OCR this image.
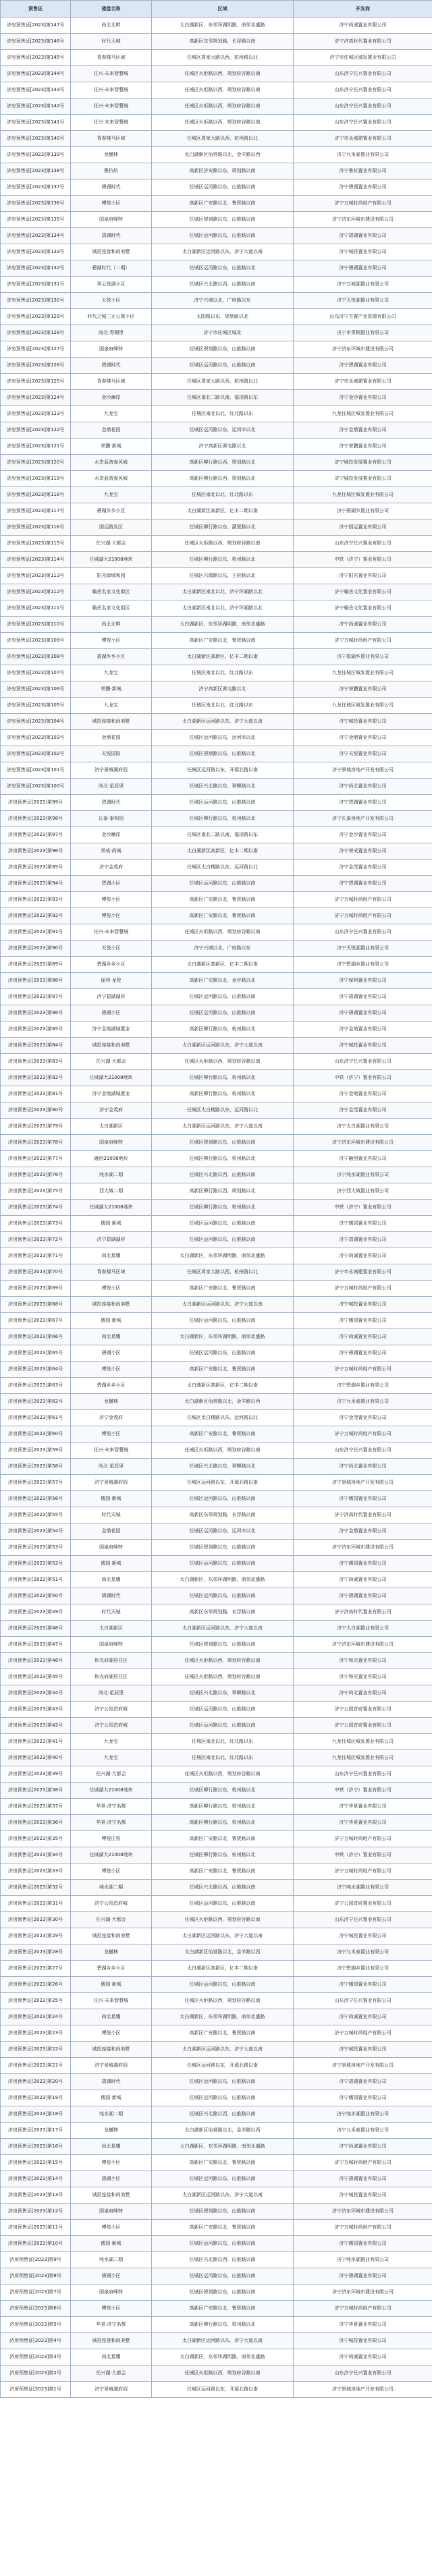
预售证	楼盘名称	区域	开发商
济房预售证[2023]第147号	尚北北畔	太白湖新区，东邻环湖明路，南邻北盛路	济宁尚诚置业有限公司
济房预售证[2023]第146号	时代天城	高新区东邻规划路，长浮路以南	济宁济高时代置业有限公司
济房预售证[2023]第145号	青春楼马区域	任城区周家大路以西，杭州路以北	济宁市任城区城发置业有限公司
济房预售证[2023]第144号	任兴·未来智慧城	任城区火炬路以西，规划府谷路以南	山东济宁任兴置业有限公司
济房预售证[2023]第143号	任兴·未来智慧城	任城区火炬路以西，规划府谷路以南	山东济宁任兴置业有限公司
济房预售证[2023]第142号	任兴·未来智慧城	任城区火炬路以西，规划府谷路以南	山东济宁任兴置业有限公司
济房预售证[2023]第141号	任兴·未来智慧城	任城区火炬路以西，规划府谷路以南	山东济宁任兴置业有限公司
济房预售证[2023]第140号	青春楼马区域	任城区周家大路以西，杭州路以北	济宁市永城建置业有限公司
济房预售证[2023]第139号	龙樾林	太白湖新区仙营路以北，金羊路以西	济宁九禾泰置业有限公司
济房预售证[2023]第138号	鲁抗坊	高新区济安路以东，规划路以南	济宁鲁抗置业有限公司
济房预售证[2023]第137号	碧湖时代	任城区运河路以东，山推路以南	济宁碧湖置业有限公司
济房预售证[2023]第136号	博悦小区	高新区广安路以北，鲁贤路以南	济宁万城时尚地产有限公司
济房预售证[2023]第135号	国泉府峰特	任城区规划路以东，山推路以南	济宁济东环城市建设有限公司
济房预售证[2023]第134号	碧湖时代	任城区运河路以东，山推路以南	济宁碧湖置业有限公司
济房预售证[2023]第133号	城投连接和尚美墅	太白湖新区运河路以东，济宁大道以南	济宁城投置业有限公司
济房预售证[2023]第132号	碧湖时代（二期）	任城区运河路以东，山推路以北	济宁碧湖置业有限公司
济房预售证[2023]第131号	祥云悦湖小区	任城区兴北路以西，山推路以南	济宁万城湖置业有限公司
济房预售证[2023]第130号	天悦小区	济宁兴城以北，广府路以东	济宁天悦湖置业有限公司
济房预售证[2023]第129号	时代之城三元公寓小区	太阳路以东，规划路以北	山东济宁万置产业资源有限公司
济房预售证[2023]第128号	尚北·青桐里	济宁市任城区城北	济宁市青桐置业有限公司
济房预售证[2023]第127号	国泉府峰特	任城区规划路以东，山推路以南	济宁济东环城市建设有限公司
济房预售证[2023]第126号	碧湖时代	任城区运河路以东，山推路以南	济宁碧湖置业有限公司
济房预售证[2023]第125号	青春楼马区域	任城区周家大路以西，杭州路以北	济宁市永城建置业有限公司
济房预售证[2023]第124号	金沙澜岸	任城区南北二路以南，福田路以东	济宁金沙置业有限公司
济房预售证[2023]第123号	九龙宝	任城区南北以北，红北路以东	九龙任城区城发置业有限公司
济房预售证[2023]第122号	金鼎花园	任城区运河路以东，运河市以北	济宁金鼎置业有限公司
济房预售证[2023]第121号	荣鹏·新城	济宁高新区黄屯路以北	济宁荣鹏置业有限公司
济房预售证[2023]第120号	水岸蓝湾春风城	高新区柳行路以西，规划路以北	济宁城投发展置业有限公司
济房预售证[2023]第119号	水岸蓝湾春风城	高新区柳行路以西，规划路以北	济宁城投发展置业有限公司
济房预售证[2023]第118号	九龙宝	任城区南北以北，红北路以东	九龙任城区城发置业有限公司
济房预售证[2023]第117号	碧湖乡乡小区	太白湖新区高新区，亿丰二期以南	济宁碧湖乡置业有限公司
济房预售证[2023]第116号	国运路发区	任城区柳行路以东，灌里路以北	济宁国运置业有限公司
济房预售证[2023]第115号	任兴湖·大都会	任城区火炬路以西，规划府谷路以南	山东济宁任兴置业有限公司
济房预售证[2023]第114号	任城湖大21008地块	任城区柳行路以东，杭州路以北	中铁（济宁）置业有限公司
济房预售证[2023]第113号	阳光绿城和园	任城区兴源路以东，王府路以北	济宁阳光置业有限公司
济房预售证[2023]第112号	翰岳名家文化街区	太白湖新区南北以北，济宁环湖路以北	济宁翰岳文化置业有限公司
济房预售证[2023]第111号	翰岳名家文化街区	太白湖新区南北以北，济宁环湖路以北	济宁翰岳文化置业有限公司
济房预售证[2023]第110号	尚北北畔	太白湖新区，东邻环湖明路，南邻北盛路	济宁尚诚置业有限公司
济房预售证[2023]第109号	博悦小区	高新区广安路以北，鲁贤路以南	济宁万城时尚地产有限公司
济房预售证[2023]第108号	碧湖乡乡小区	太白湖新区高新区，亿丰二期以南	济宁碧湖乡置业有限公司
济房预售证[2023]第107号	九龙宝	任城区南北以北，红北路以东	九龙任城区城发置业有限公司
济房预售证[2023]第106号	荣鹏·新城	济宁高新区黄屯路以北	济宁荣鹏置业有限公司
济房预售证[2023]第105号	九龙宝	任城区南北以北，红北路以东	九龙任城区城发置业有限公司
济房预售证[2023]第104号	城投连接和尚美墅	太白湖新区运河路以东，济宁大道以南	济宁城投置业有限公司
济房预售证[2023]第103号	金鼎花园	任城区运河路以东，运河市以北	济宁金鼎置业有限公司
济房预售证[2023]第102号	天悦国际	任城区规划路以东，山推路以北	济宁天悦置业有限公司
济房预售证[2023]第101号	济宁景城湖府园	任城区运河路以东，开源北路以南	济宁景城房地产开发有限公司
济房预售证[2023]第100号	尚北·星辰里	任城区兴北路以东，翠柳路以北	济宁尚北置业有限公司
济房预售证[2023]第99号	碧湖时代	任城区运河路以东，山推路以南	济宁碧湖置业有限公司
济房预售证[2023]第98号	长泰·泰和园	任城区柳行路以东，杭州路以北	济宁长泰房地产开发有限公司
济房预售证[2023]第97号	金沙澜岸	任城区南北二路以南，福田路以东	济宁金沙置业有限公司
济房预售证[2023]第96号	荣成·尚城	太白湖新区高新区，亿丰二期以南	济宁荣成置业有限公司
济房预售证[2023]第95号	济宁金茂府	任城区太白楼路以东，运河路以北	济宁金茂置业有限公司
济房预售证[2023]第94号	碧湖小区	任城区运河路以东，山推路以南	济宁碧湖置业有限公司
济房预售证[2023]第93号	博悦小区	高新区广安路以北，鲁贤路以南	济宁万城时尚地产有限公司
济房预售证[2023]第92号	博悦小区	高新区广安路以北，鲁贤路以南	济宁万城时尚地产有限公司
济房预售证[2023]第91号	任兴·未来智慧城	任城区火炬路以西，规划府谷路以南	山东济宁任兴置业有限公司
济房预售证[2023]第90号	天悦小区	济宁兴城以北，广府路以东	济宁天悦湖置业有限公司
济房预售证[2023]第89号	碧湖乡乡小区	太白湖新区高新区，亿丰二期以南	济宁碧湖乡置业有限公司
济房预售证[2023]第88号	保利·龙悦	高新区广安路以北，金宇路以北	济宁保利置业有限公司
济房预售证[2023]第87号	济宁碧湖湖府	任城区运河路以东，山推路以南	济宁碧湖置业有限公司
济房预售证[2023]第86号	碧湖小区	任城区运河路以东，山推路以南	济宁碧湖置业有限公司
济房预售证[2023]第85号	济宁金地湖城置业	高新区柳行路以东，杭州路以北	济宁金地置业有限公司
济房预售证[2023]第84号	城投连接和尚美墅	太白湖新区运河路以东，济宁大道以南	济宁城投置业有限公司
济房预售证[2023]第83号	任兴湖·大都会	任城区火炬路以西，规划府谷路以南	山东济宁任兴置业有限公司
济房预售证[2023]第82号	任城湖大21008地块	任城区柳行路以东，杭州路以北	中铁（济宁）置业有限公司
济房预售证[2023]第81号	济宁金地湖城置业	高新区柳行路以东，杭州路以北	济宁金地置业有限公司
济房预售证[2023]第80号	济宁金茂府	任城区太白楼路以东，运河路以北	济宁金茂置业有限公司
济房预售证[2023]第79号	太白湖新区	太白湖新区运河路以东，济宁大道以南	济宁太白湖置业有限公司
济房预售证[2023]第78号	国泉府峰特	任城区规划路以东，山推路以南	济宁济东环城市建设有限公司
济房预售证[2023]第77号	融创21008地块	任城区柳行路以东，杭州路以北	济宁融创置业有限公司
济房预售证[2023]第76号	纯水湖二期	任城区兴北路以西，山推路以南	济宁纯水湖置业有限公司
济房预售证[2023]第75号	西大城二期	高新区柳行路以西，规划路以北	济宁西大城置业有限公司
济房预售证[2023]第74号	任城湖大21008地块	任城区柳行路以东，杭州路以北	中铁（济宁）置业有限公司
济房预售证[2023]第73号	儒园·新城	任城区运河路以东，山推路以南	济宁儒园置业有限公司
济房预售证[2023]第72号	济宁碧湖湖府	任城区运河路以东，山推路以南	济宁碧湖置业有限公司
济房预售证[2023]第71号	尚北星耀	太白湖新区，东邻环湖明路，南邻北盛路	济宁尚诚置业有限公司
济房预售证[2023]第70号	青春楼马区域	任城区周家大路以西，杭州路以北	济宁市永城建置业有限公司
济房预售证[2023]第69号	博悦小区	高新区广安路以北，鲁贤路以南	济宁万城时尚地产有限公司
济房预售证[2023]第68号	城投连接和尚美墅	太白湖新区运河路以东，济宁大道以南	济宁城投置业有限公司
济房预售证[2023]第67号	儒园·新城	任城区运河路以东，山推路以南	济宁儒园置业有限公司
济房预售证[2023]第66号	尚北星耀	太白湖新区，东邻环湖明路，南邻北盛路	济宁尚诚置业有限公司
济房预售证[2023]第65号	碧湖小区	任城区运河路以东，山推路以南	济宁碧湖置业有限公司
济房预售证[2023]第64号	博悦小区	高新区广安路以北，鲁贤路以南	济宁万城时尚地产有限公司
济房预售证[2023]第63号	碧湖乡乡小区	太白湖新区高新区，亿丰二期以南	济宁碧湖乡置业有限公司
济房预售证[2023]第62号	龙樾林	太白湖新区仙营路以北，金羊路以西	济宁九禾泰置业有限公司
济房预售证[2023]第61号	济宁金茂府	任城区太白楼路以东，运河路以北	济宁金茂置业有限公司
济房预售证[2023]第60号	博悦小区	高新区广安路以北，鲁贤路以南	济宁万城时尚地产有限公司
济房预售证[2023]第59号	任兴·未来智慧城	任城区火炬路以西，规划府谷路以南	山东济宁任兴置业有限公司
济房预售证[2023]第58号	尚北·星辰里	任城区兴北路以东，翠柳路以北	济宁尚北置业有限公司
济房预售证[2023]第57号	济宁景城湖府园	任城区运河路以东，开源北路以南	济宁景城房地产开发有限公司
济房预售证[2023]第56号	儒园·新城	任城区运河路以东，山推路以南	济宁儒园置业有限公司
济房预售证[2023]第55号	时代天城	高新区东邻规划路，长浮路以南	济宁济高时代置业有限公司
济房预售证[2023]第54号	金鼎花园	任城区运河路以东，运河市以北	济宁金鼎置业有限公司
济房预售证[2023]第53号	国泉府峰特	任城区规划路以东，山推路以南	济宁济东环城市建设有限公司
济房预售证[2023]第52号	儒园·新城	任城区运河路以东，山推路以南	济宁儒园置业有限公司
济房预售证[2023]第51号	尚北星耀	太白湖新区，东邻环湖明路，南邻北盛路	济宁尚诚置业有限公司
济房预售证[2023]第50号	碧湖时代	任城区运河路以东，山推路以南	济宁碧湖置业有限公司
济房预售证[2023]第49号	时代天城	高新区东邻规划路，长浮路以南	济宁济高时代置业有限公司
济房预售证[2023]第48号	太白湖新区	太白湖新区运河路以东，济宁大道以南	济宁太白湖置业有限公司
济房预售证[2023]第47号	国泉府峰特	任城区规划路以东，山推路以南	济宁济东环城市建设有限公司
济房预售证[2023]第46号	和光府湖居住区	任城区火炬路以西，规划府谷路以南	济宁和光置业有限公司
济房预售证[2023]第45号	和光府湖居住区	任城区火炬路以西，规划府谷路以南	济宁和光置业有限公司
济房预售证[2023]第44号	尚北·星辰里	任城区兴北路以东，翠柳路以北	济宁尚北置业有限公司
济房预售证[2023]第43号	济宁公园首府城	任城区运河路以东，山推路以南	济宁公园首府置业有限公司
济房预售证[2023]第42号	济宁公园首府城	任城区运河路以东，山推路以南	济宁公园首府置业有限公司
济房预售证[2023]第41号	九龙宝	任城区南北以北，红北路以东	九龙任城区城发置业有限公司
济房预售证[2023]第40号	九龙宝	任城区南北以北，红北路以东	九龙任城区城发置业有限公司
济房预售证[2023]第39号	任兴湖·大都会	任城区火炬路以西，规划府谷路以南	山东济宁任兴置业有限公司
济房预售证[2023]第38号	任城湖大21008地块	任城区柳行路以东，杭州路以北	中铁（济宁）置业有限公司
济房预售证[2023]第37号	华景·济宁名都	高新区柳行路以东，杭州路以北	济宁华景置业有限公司
济房预售证[2023]第36号	华景·济宁名都	高新区柳行路以东，杭州路以北	济宁华景置业有限公司
济房预售证[2023]第35号	博悦庄悦	高新区广安路以北，鲁贤路以南	济宁万城时尚地产有限公司
济房预售证[2023]第34号	任城湖大21008地块	任城区柳行路以东，杭州路以北	中铁（济宁）置业有限公司
济房预售证[2023]第33号	博悦小区	高新区广安路以北，鲁贤路以南	济宁万城时尚地产有限公司
济房预售证[2023]第32号	纯水湖二期	任城区兴北路以西，山推路以南	济宁纯水湖置业有限公司
济房预售证[2023]第31号	济宁公园首府城	任城区运河路以东，山推路以南	济宁公园首府置业有限公司
济房预售证[2023]第30号	任兴湖·大都会	任城区火炬路以西，规划府谷路以南	山东济宁任兴置业有限公司
济房预售证[2023]第29号	城投连接和尚美墅	太白湖新区运河路以东，济宁大道以南	济宁城投置业有限公司
济房预售证[2023]第28号	龙樾林	太白湖新区仙营路以北，金羊路以西	济宁九禾泰置业有限公司
济房预售证[2023]第27号	碧湖乡乡小区	太白湖新区高新区，亿丰二期以南	济宁碧湖乡置业有限公司
济房预售证[2023]第26号	儒园·新城	任城区运河路以东，山推路以南	济宁儒园置业有限公司
济房预售证[2023]第25号	任兴·未来智慧城	任城区火炬路以西，规划府谷路以南	山东济宁任兴置业有限公司
济房预售证[2023]第24号	尚北星耀	太白湖新区，东邻环湖明路，南邻北盛路	济宁尚诚置业有限公司
济房预售证[2023]第23号	博悦小区	高新区广安路以北，鲁贤路以南	济宁万城时尚地产有限公司
济房预售证[2023]第22号	城投连接和尚美墅	太白湖新区运河路以东，济宁大道以南	济宁城投置业有限公司
济房预售证[2023]第21号	济宁景城湖府园	任城区运河路以东，开源北路以南	济宁景城房地产开发有限公司
济房预售证[2023]第20号	碧湖时代	任城区运河路以东，山推路以南	济宁碧湖置业有限公司
济房预售证[2023]第19号	儒园·新城	任城区运河路以东，山推路以南	济宁儒园置业有限公司
济房预售证[2023]第18号	纯水湖二期	任城区兴北路以西，山推路以南	济宁纯水湖置业有限公司
济房预售证[2023]第17号	龙樾林	太白湖新区仙营路以北，金羊路以西	济宁九禾泰置业有限公司
济房预售证[2023]第16号	尚北星耀	太白湖新区，东邻环湖明路，南邻北盛路	济宁尚诚置业有限公司
济房预售证[2023]第15号	博悦小区	高新区广安路以北，鲁贤路以南	济宁万城时尚地产有限公司
济房预售证[2023]第14号	碧湖小区	任城区运河路以东，山推路以南	济宁碧湖置业有限公司
济房预售证[2023]第13号	城投连接和尚美墅	太白湖新区运河路以东，济宁大道以南	济宁城投置业有限公司
济房预售证[2023]第12号	国泉府峰特	任城区规划路以东，山推路以南	济宁济东环城市建设有限公司
济房预售证[2023]第11号	博悦小区	高新区广安路以北，鲁贤路以南	济宁万城时尚地产有限公司
济房预售证[2023]第10号	儒园·新城	任城区运河路以东，山推路以南	济宁儒园置业有限公司
济房预售证[2023]第9号	纯水湖二期	任城区兴北路以西，山推路以南	济宁纯水湖置业有限公司
济房预售证[2023]第8号	碧湖小区	任城区运河路以东，山推路以南	济宁碧湖置业有限公司
济房预售证[2023]第7号	国泉府峰特	任城区规划路以东，山推路以南	济宁济东环城市建设有限公司
济房预售证[2023]第6号	博悦小区	高新区广安路以北，鲁贤路以南	济宁万城时尚地产有限公司
济房预售证[2023]第5号	华景·济宁名都	高新区柳行路以东，杭州路以北	济宁华景置业有限公司
济房预售证[2023]第4号	城投连接和尚美墅	太白湖新区运河路以东，济宁大道以南	济宁城投置业有限公司
济房预售证[2023]第3号	尚北星耀	太白湖新区，东邻环湖明路，南邻北盛路	济宁尚诚置业有限公司
济房预售证[2023]第2号	任兴湖·大都会	任城区火炬路以西，规划府谷路以南	山东济宁任兴置业有限公司
济房预售证[2023]第1号	济宁景城湖府园	任城区运河路以东，开源北路以南	济宁景城房地产开发有限公司
